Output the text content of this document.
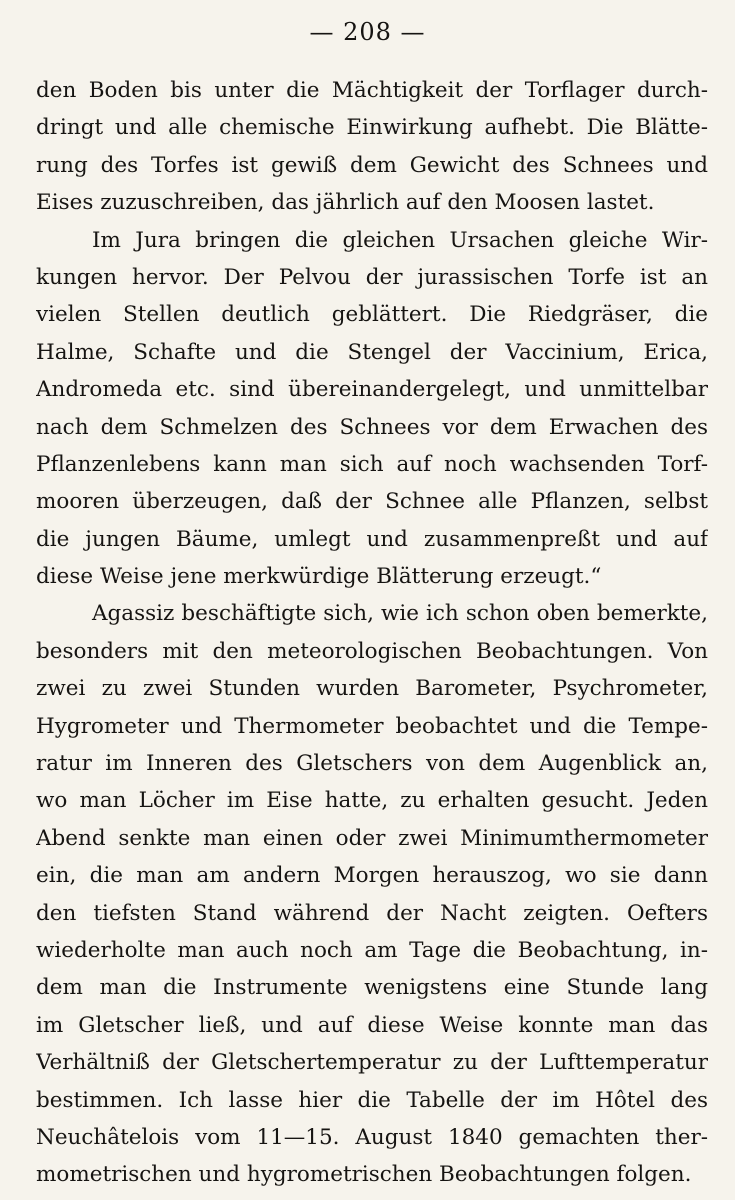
— 208 —
den Boden bis unter die Mächtigkeit der Torflager durch-
dringt und alle chemische Einwirkung aufhebt. Die Blätte-
rung des Torfes ist gewiß dem Gewicht des Schnees und
Eises zuzuschreiben, das jährlich auf den Moosen lastet.
Im Jura bringen die gleichen Ursachen gleiche Wir-
kungen hervor. Der Pelvou der jurassischen Torfe ist an
vielen Stellen deutlich geblättert. Die Riedgräser, die
Halme, Schafte und die Stengel der Vaccinium, Erica,
Andromeda etc. sind übereinandergelegt, und unmittelbar
nach dem Schmelzen des Schnees vor dem Erwachen des
Pflanzenlebens kann man sich auf noch wachsenden Torf-
mooren überzeugen, daß der Schnee alle Pflanzen, selbst
die jungen Bäume, umlegt und zusammenpreßt und auf
diese Weise jene merkwürdige Blätterung erzeugt.“
Agassiz beschäftigte sich, wie ich schon oben bemerkte,
besonders mit den meteorologischen Beobachtungen. Von
zwei zu zwei Stunden wurden Barometer, Psychrometer,
Hygrometer und Thermometer beobachtet und die Tempe-
ratur im Inneren des Gletschers von dem Augenblick an,
wo man Löcher im Eise hatte, zu erhalten gesucht. Jeden
Abend senkte man einen oder zwei Minimumthermometer
ein, die man am andern Morgen herauszog, wo sie dann
den tiefsten Stand während der Nacht zeigten. Oefters
wiederholte man auch noch am Tage die Beobachtung, in-
dem man die Instrumente wenigstens eine Stunde lang
im Gletscher ließ, und auf diese Weise konnte man das
Verhältniß der Gletschertemperatur zu der Lufttemperatur
bestimmen. Ich lasse hier die Tabelle der im Hôtel des
Neuchâtelois vom 11—15. August 1840 gemachten ther-
mometrischen und hygrometrischen Beobachtungen folgen.
